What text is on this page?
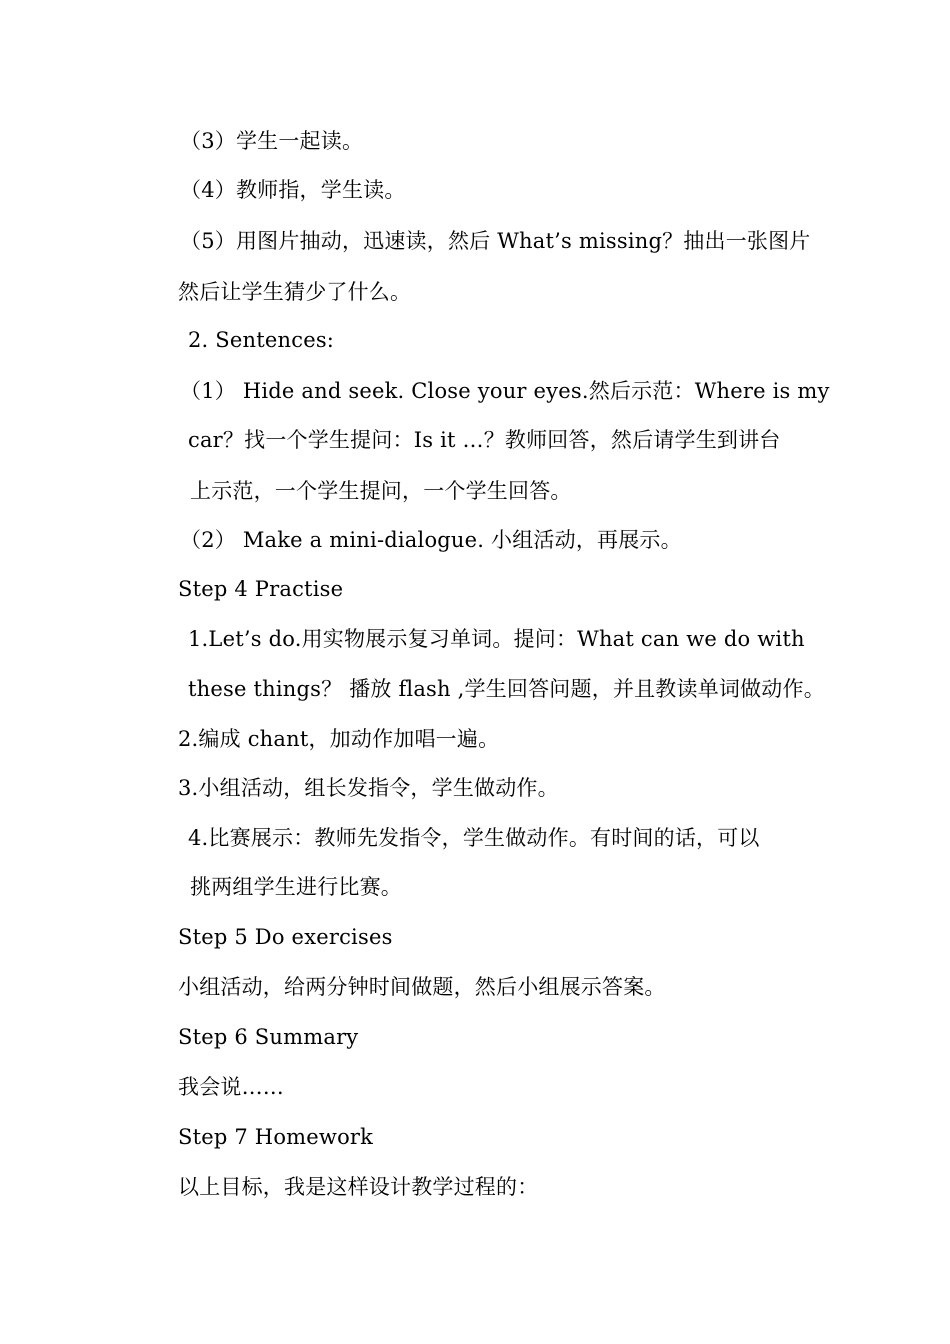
（3）学生一起读。
（4）教师指，学生读。
（5）用图片抽动，迅速读，然后 What’s missing？抽出一张图片
然后让学生猜少了什么。
2. Sentences:
（1） Hide and seek. Close your eyes.然后示范：Where is my
car？找一个学生提问：Is it …？教师回答，然后请学生到讲台
上示范，一个学生提问，一个学生回答。
（2） Make a mini-dialogue. 小组活动，再展示。
Step 4 Practise
1.Let’s do.用实物展示复习单词。提问：What can we do with
these things？ 播放 flash ,学生回答问题，并且教读单词做动作。
2.编成 chant，加动作加唱一遍。
3.小组活动，组长发指令，学生做动作。
4.比赛展示：教师先发指令，学生做动作。有时间的话，可以
挑两组学生进行比赛。
Step 5 Do exercises
小组活动，给两分钟时间做题，然后小组展示答案。
Step 6 Summary
我会说……
Step 7 Homework
以上目标，我是这样设计教学过程的：
